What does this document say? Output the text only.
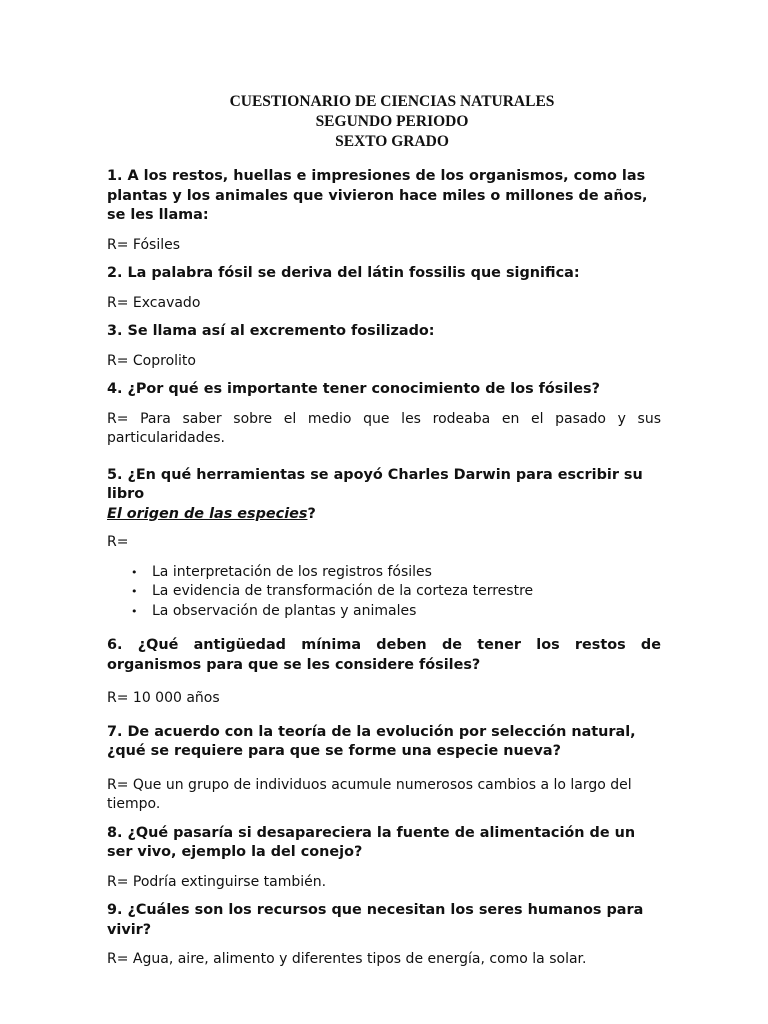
CUESTIONARIO DE CIENCIAS NATURALES
SEGUNDO PERIODO
SEXTO GRADO

1. A los restos, huellas e impresiones de los organismos, como las plantas y los animales que vivieron hace miles o millones de años, se les llama:

R= Fósiles

2. La palabra fósil se deriva del látin fossilis que significa:

R= Excavado

3. Se llama así al excremento fosilizado:

R= Coprolito

4. ¿Por qué es importante tener conocimiento de los fósiles?

R= Para saber sobre el medio que les rodeaba en el pasado y sus particularidades.

5. ¿En qué herramientas se apoyó Charles Darwin para escribir su libro
El origen de las especies?

R=

• La interpretación de los registros fósiles
• La evidencia de transformación de la corteza terrestre
• La observación de plantas y animales

6. ¿Qué antigüedad mínima deben de tener los restos de organismos para que se les considere fósiles?

R= 10 000 años

7. De acuerdo con la teoría de la evolución por selección natural, ¿qué se requiere para que se forme una especie nueva?

R= Que un grupo de individuos acumule numerosos cambios a lo largo del tiempo.

8. ¿Qué pasaría si desapareciera la fuente de alimentación de un ser vivo, ejemplo la del conejo?

R= Podría extinguirse también.

9. ¿Cuáles son los recursos que necesitan los seres humanos para vivir?

R= Agua, aire, alimento y diferentes tipos de energía, como la solar.
